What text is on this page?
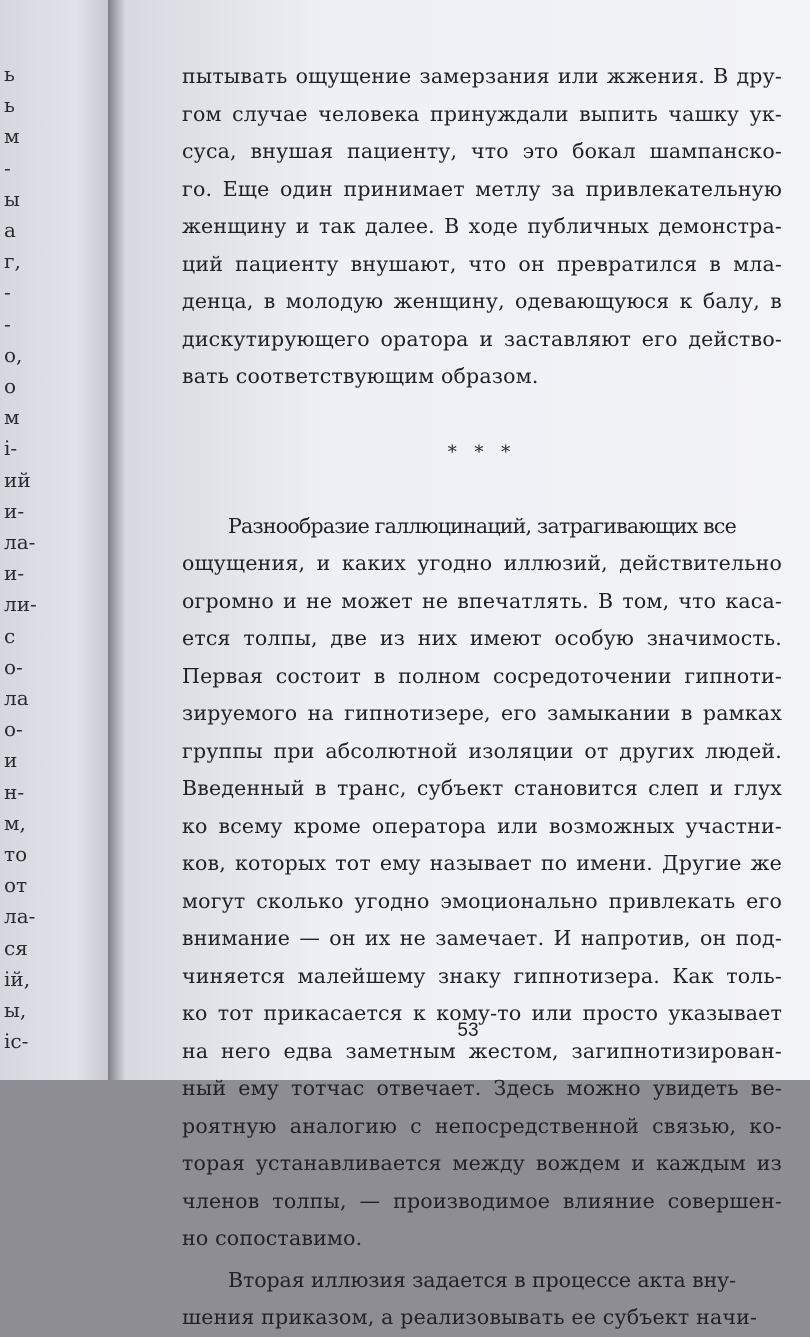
ь
ь
м
-
ы
а
г,
-
-
о,
о
м
і-
ий
и-
ла-
и-
ли-
с
о-
ла
о-
и
н-
м,
то
от
ла-
ся
ій,
ы,
іс-
пытывать ощущение замерзания или жжения. В дру-
гом случае человека принуждали выпить чашку ук-
суса, внушая пациенту, что это бокал шампанско-
го. Еще один принимает метлу за привлекательную
женщину и так далее. В ходе публичных демонстра-
ций пациенту внушают, что он превратился в мла-
денца, в молодую женщину, одевающуюся к балу, в
дискутирующего оратора и заставляют его действо-
вать соответствующим образом.
* * *
Разнообразие галлюцинаций, затрагивающих все
ощущения, и каких угодно иллюзий, действительно
огромно и не может не впечатлять. В том, что каса-
ется толпы, две из них имеют особую значимость.
Первая состоит в полном сосредоточении гипноти-
зируемого на гипнотизере, его замыкании в рамках
группы при абсолютной изоляции от других людей.
Введенный в транс, субъект становится слеп и глух
ко всему кроме оператора или возможных участни-
ков, которых тот ему называет по имени. Другие же
могут сколько угодно эмоционально привлекать его
внимание — он их не замечает. И напротив, он под-
чиняется малейшему знаку гипнотизера. Как толь-
ко тот прикасается к кому-то или просто указывает
на него едва заметным жестом, загипнотизирован-
ный ему тотчас отвечает. Здесь можно увидеть ве-
роятную аналогию с непосредственной связью, ко-
торая устанавливается между вождем и каждым из
членов толпы, — производимое влияние совершен-
но сопоставимо.
Вторая иллюзия задается в процессе акта вну-
шения приказом, а реализовывать ее субъект начи-
53
